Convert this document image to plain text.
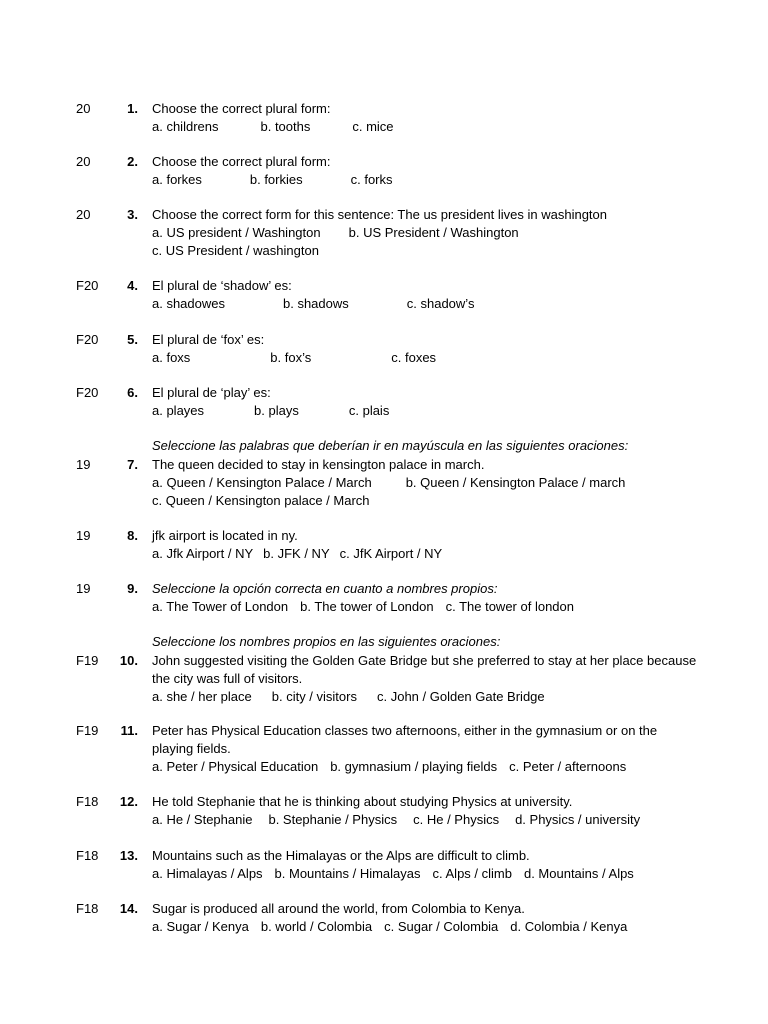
20	1. Choose the correct plural form:
a. childrens	b. tooths	c. mice
20	2. Choose the correct plural form:
a. forkes	b. forkies	c. forks
20	3. Choose the correct form for this sentence: The us president lives in washington
a. US president / Washington b. US President / Washington
c. US President / washington
F20	4. El plural de ‘shadow’ es:
a. shadowes	b. shadows	c. shadow’s
F20	5. El plural de ‘fox’ es:
a. foxs	b. fox’s	c. foxes
F20	6. El plural de ‘play’ es:
a. playes	b. plays	c. plais
Seleccione las palabras que deberían ir en mayúscula en las siguientes oraciones:
19	7. The queen decided to stay in kensington palace in march.
a. Queen / Kensington Palace / March	b. Queen / Kensington Palace / march
c. Queen / Kensington palace / March
19	8. jfk airport is located in ny.
a. Jfk Airport / NY b. JFK / NY c. JfK Airport / NY
19	9. Seleccione la opción correcta en cuanto a nombres propios:
a. The Tower of London b. The tower of London c. The tower of london
Seleccione los nombres propios en las siguientes oraciones:
F19	10. John suggested visiting the Golden Gate Bridge but she preferred to stay at her place because the city was full of visitors.
a. she / her place b. city / visitors c. John / Golden Gate Bridge
F19	11. Peter has Physical Education classes two afternoons, either in the gymnasium or on the playing fields.
a. Peter / Physical Education b. gymnasium / playing fields c. Peter / afternoons
F18	12. He told Stephanie that he is thinking about studying Physics at university.
a. He / Stephanie b. Stephanie / Physics c. He / Physics d. Physics / university
F18	13. Mountains such as the Himalayas or the Alps are difficult to climb.
a. Himalayas / Alps b. Mountains / Himalayas c. Alps / climb d. Mountains / Alps
F18	14. Sugar is produced all around the world, from Colombia to Kenya.
a. Sugar / Kenya b. world / Colombia c. Sugar / Colombia d. Colombia / Kenya
